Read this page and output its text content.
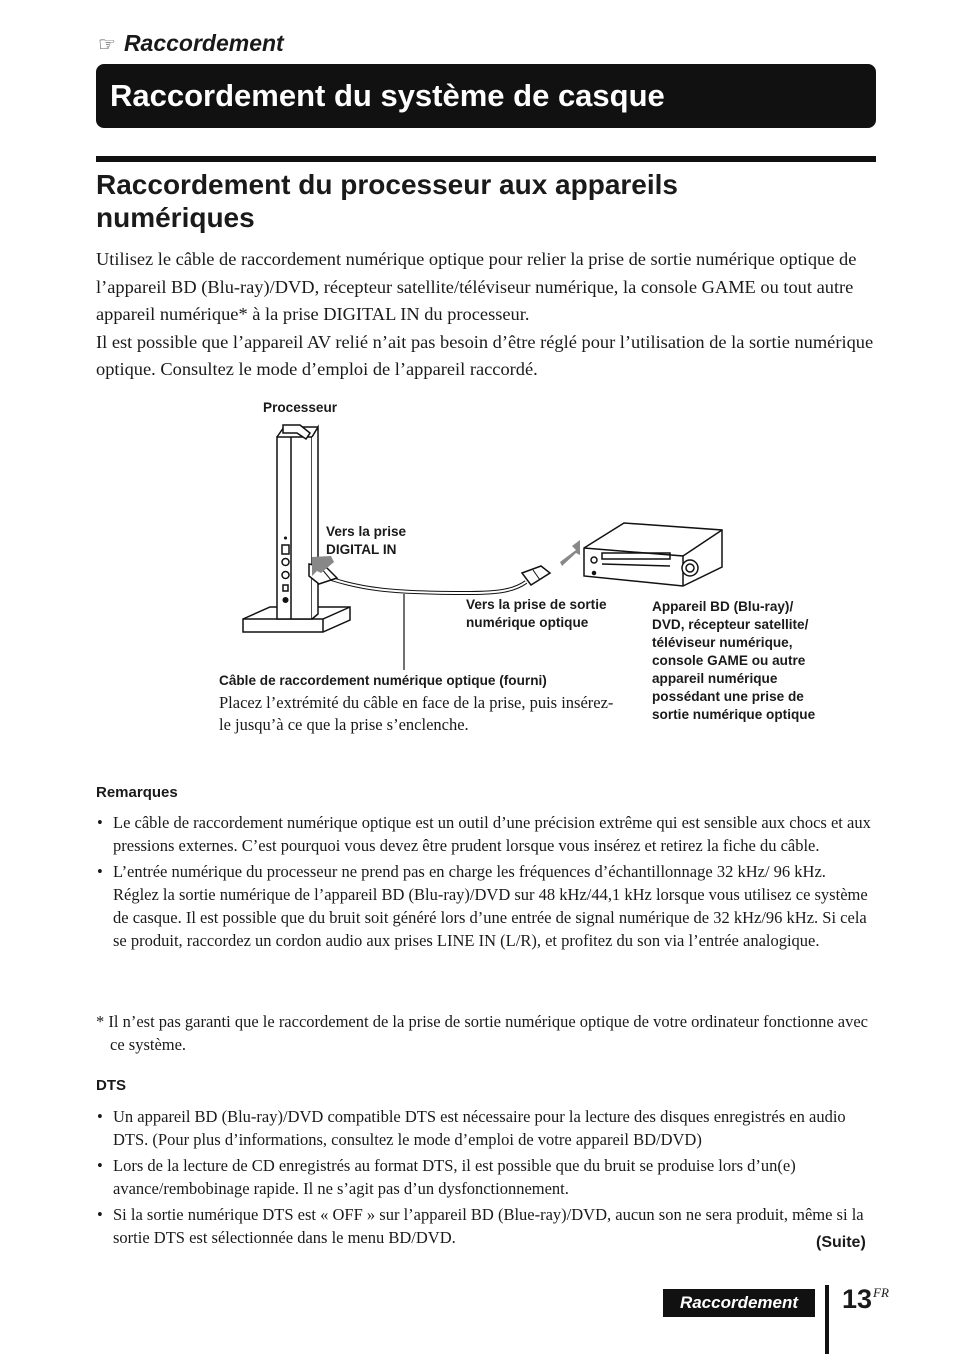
☞ Raccordement
Raccordement du système de casque
Raccordement du processeur aux appareils numériques

Utilisez le câble de raccordement numérique optique pour relier la prise de sortie numérique optique de l’appareil BD (Blu-ray)/DVD, récepteur satellite/téléviseur numérique, la console GAME ou tout autre appareil numérique* à la prise DIGITAL IN du processeur.

Il est possible que l’appareil AV relié n’ait pas besoin d’être réglé pour l’utilisation de la sortie numérique optique. Consultez le mode d’emploi de l’appareil raccordé.

Processeur
Vers la prise
DIGITAL IN
Vers la prise de sortie
numérique optique
Appareil BD (Blu-ray)/
DVD, récepteur satellite/
téléviseur numérique,
console GAME ou autre
appareil numérique
possédant une prise de
sortie numérique optique
Câble de raccordement numérique optique (fourni)
Placez l’extrémité du câble en face de la prise, puis insérez-le jusqu’à ce que la prise s’enclenche.
Remarques
• Le câble de raccordement numérique optique est un outil d’une précision extrême qui est sensible aux chocs et aux pressions externes. C’est pourquoi vous devez être prudent lorsque vous insérez et retirez la fiche du câble.
• L’entrée numérique du processeur ne prend pas en charge les fréquences d’échantillonnage 32 kHz/ 96 kHz. Réglez la sortie numérique de l’appareil BD (Blu-ray)/DVD sur 48 kHz/44,1 kHz lorsque vous utilisez ce système de casque. Il est possible que du bruit soit généré lors d’une entrée de signal numérique de 32 kHz/96 kHz. Si cela se produit, raccordez un cordon audio aux prises LINE IN (L/R), et profitez du son via l’entrée analogique.
* Il n’est pas garanti que le raccordement de la prise de sortie numérique optique de votre ordinateur fonctionne avec ce système.
DTS
• Un appareil BD (Blu-ray)/DVD compatible DTS est nécessaire pour la lecture des disques enregistrés en audio DTS. (Pour plus d’informations, consultez le mode d’emploi de votre appareil BD/DVD)
• Lors de la lecture de CD enregistrés au format DTS, il est possible que du bruit se produise lors d’un(e) avance/rembobinage rapide. Il ne s’agit pas d’un dysfonctionnement.
• Si la sortie numérique DTS est « OFF » sur l’appareil BD (Blue-ray)/DVD, aucun son ne sera produit, même si la sortie DTS est sélectionnée dans le menu BD/DVD.	(Suite)
Raccordement	$13^{FR}$
